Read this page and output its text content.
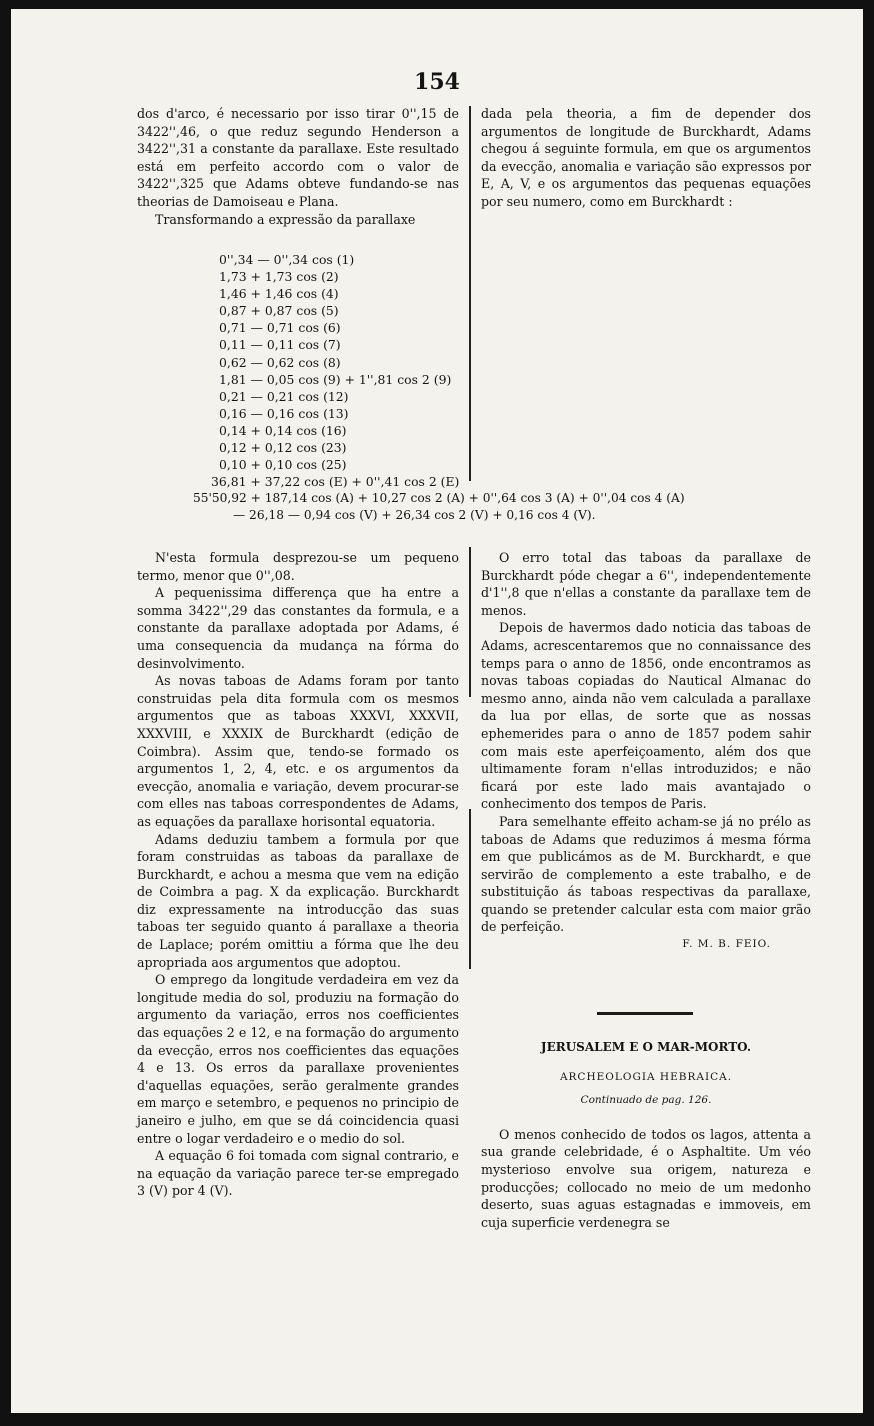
154

dos d'arco, é necessario por isso tirar 0'',15 de 3422'',46, o que reduz segundo Henderson a 3422'',31 a constante da parallaxe. Este resultado está em perfeito accordo com o valor de 3422'',325 que Adams obteve fundando-se nas theorias de Damoiseau e Plana.

Transformando a expressão da parallaxe

dada pela theoria, a fim de depender dos argumentos de longitude de Burckhardt, Adams chegou á seguinte formula, em que os argumentos da evecção, anomalia e variação são expressos por E, A, V, e os argumentos das pequenas equações por seu numero, como em Burckhardt :

0'',34 — 0'',34 cos (1)
1,73 + 1,73 cos (2)
1,46 + 1,46 cos (4)
0,87 + 0,87 cos (5)
0,71 — 0,71 cos (6)
0,11 — 0,11 cos (7)
0,62 — 0,62 cos (8)
1,81 — 0,05 cos (9) + 1'',81 cos 2 (9)
0,21 — 0,21 cos (12)
0,16 — 0,16 cos (13)
0,14 + 0,14 cos (16)
0,12 + 0,12 cos (23)
0,10 + 0,10 cos (25)
36,81 + 37,22 cos (E) + 0'',41 cos 2 (E)
55'50,92 + 187,14 cos (A) + 10,27 cos 2 (A) + 0'',64 cos 3 (A) + 0'',04 cos 4 (A)
— 26,18 — 0,94 cos (V) + 26,34 cos 2 (V) + 0,16 cos 4 (V).

N'esta formula desprezou-se um pequeno termo, menor que 0'',08.

A pequenissima differença que ha entre a somma 3422'',29 das constantes da formula, e a constante da parallaxe adoptada por Adams, é uma consequencia da mudança na fórma do desinvolvimento.

As novas taboas de Adams foram por tanto construidas pela dita formula com os mesmos argumentos que as taboas XXXVI, XXXVII, XXXVIII, e XXXIX de Burckhardt (edição de Coimbra). Assim que, tendo-se formado os argumentos 1, 2, 4, etc. e os argumentos da evecção, anomalia e variação, devem procurar-se com elles nas taboas correspondentes de Adams, as equações da parallaxe horisontal equatoria.

Adams deduziu tambem a formula por que foram construidas as taboas da parallaxe de Burckhardt, e achou a mesma que vem na edição de Coimbra a pag. X da explicação. Burckhardt diz expressamente na introducção das suas taboas ter seguido quanto á parallaxe a theoria de Laplace; porém omittiu a fórma que lhe deu apropriada aos argumentos que adoptou.

O emprego da longitude verdadeira em vez da longitude media do sol, produziu na formação do argumento da variação, erros nos coefficientes das equações 2 e 12, e na formação do argumento da evecção, erros nos coefficientes das equações 4 e 13. Os erros da parallaxe provenientes d'aquellas equações, serão geralmente grandes em março e setembro, e pequenos no principio de janeiro e julho, em que se dá coincidencia quasi entre o logar verdadeiro e o medio do sol.

A equação 6 foi tomada com signal contrario, e na equação da variação parece ter-se empregado 3 (V) por 4 (V).

O erro total das taboas da parallaxe de Burckhardt póde chegar a 6'', independentemente d'1'',8 que n'ellas a constante da parallaxe tem de menos.

Depois de havermos dado noticia das taboas de Adams, acrescentaremos que no connaissance des temps para o anno de 1856, onde encontramos as novas taboas copiadas do Nautical Almanac do mesmo anno, ainda não vem calculada a parallaxe da lua por ellas, de sorte que as nossas ephemerides para o anno de 1857 podem sahir com mais este aperfeiçoamento, além dos que ultimamente foram n'ellas introduzidos; e não ficará por este lado mais avantajado o conhecimento dos tempos de Paris.

Para semelhante effeito acham-se já no prélo as taboas de Adams que reduzimos á mesma fórma em que publicámos as de M. Burckhardt, e que servirão de complemento a este trabalho, e de substituição ás taboas respectivas da parallaxe, quando se pretender calcular esta com maior grão de perfeição.

F. M. B. FEIO.

JERUSALEM E O MAR-MORTO.

ARCHEOLOGIA HEBRAICA.

Continuado de pag. 126.

O menos conhecido de todos os lagos, attenta a sua grande celebridade, é o Asphaltite. Um véo mysterioso envolve sua origem, natureza e producções; collocado no meio de um medonho deserto, suas aguas estagnadas e immoveis, em cuja superficie verdenegra se
